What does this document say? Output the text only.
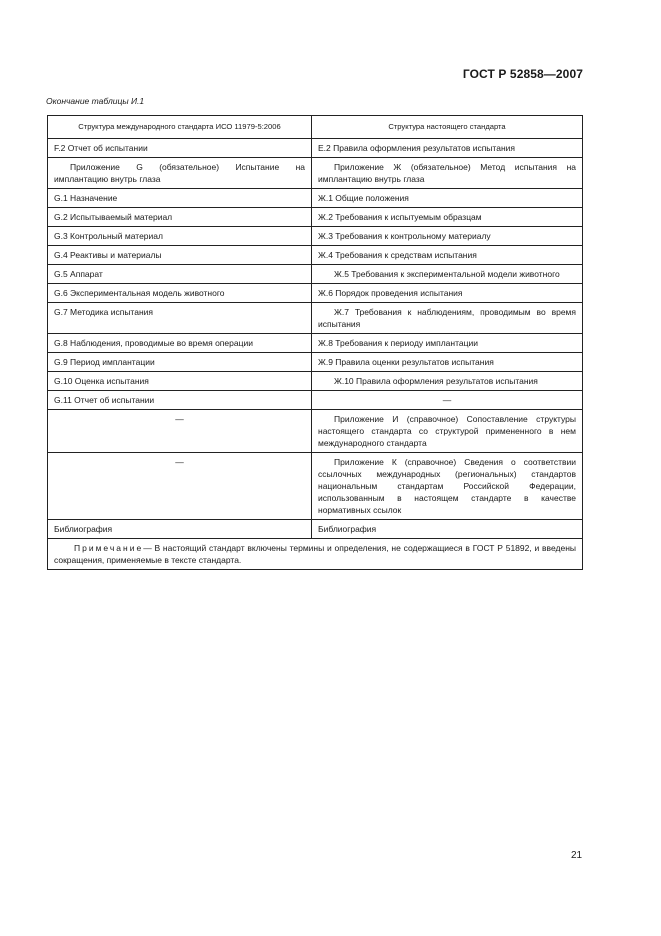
ГОСТ Р 52858—2007
Окончание таблицы И.1
Структура международного стандарта ИСО 11979-5:2006	Структура настоящего стандарта
F.2 Отчет об испытании	Е.2 Правила оформления результатов испытания
Приложение G (обязательное) Испытание на имплантацию внутрь глаза	Приложение Ж (обязательное) Метод испытания на имплантацию внутрь глаза
G.1 Назначение	Ж.1 Общие положения
G.2 Испытываемый материал	Ж.2 Требования к испытуемым образцам
G.3 Контрольный материал	Ж.3 Требования к контрольному материалу
G.4 Реактивы и материалы	Ж.4 Требования к средствам испытания
G.5 Аппарат	Ж.5 Требования к экспериментальной модели животного
G.6 Экспериментальная модель животного	Ж.6 Порядок проведения испытания
G.7 Методика испытания	Ж.7 Требования к наблюдениям, проводимым во время испытания
G.8 Наблюдения, проводимые во время операции	Ж.8 Требования к периоду имплантации
G.9 Период имплантации	Ж.9 Правила оценки результатов испытания
G.10 Оценка испытания	Ж.10 Правила оформления результатов испытания
G.11 Отчет об испытании	—
—	Приложение И (справочное) Сопоставление структуры настоящего стандарта со структурой примененного в нем международного стандарта
—	Приложение К (справочное) Сведения о соответствии ссылочных международных (региональных) стандартов национальным стандартам Российской Федерации, использованным в настоящем стандарте в качестве нормативных ссылок
Библиография	Библиография
Примечание— В настоящий стандарт включены термины и определения, не содержащиеся в ГОСТ Р 51892, и введены сокращения, применяемые в тексте стандарта.	
21
